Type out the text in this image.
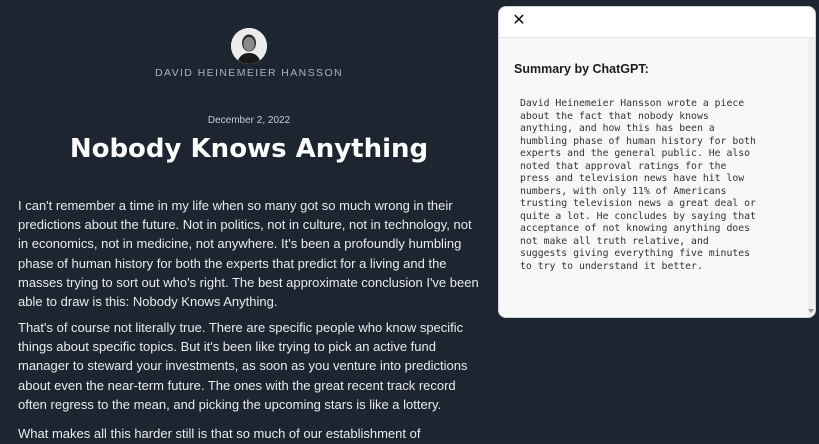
DAVID HEINEMEIER HANSSON
December 2, 2022
Nobody Knows Anything

I can't remember a time in my life when so many got so much wrong in their predictions about the future. Not in politics, not in culture, not in technology, not in economics, not in medicine, not anywhere. It's been a profoundly humbling phase of human history for both the experts that predict for a living and the masses trying to sort out who's right. The best approximate conclusion I've been able to draw is this: Nobody Knows Anything.

That's of course not literally true. There are specific people who know specific things about specific topics. But it's been like trying to pick an active fund manager to steward your investments, as soon as you venture into predictions about even the near-term future. The ones with the great recent track record often regress to the mean, and picking the upcoming stars is like a lottery.

What makes all this harder still is that so much of our establishment of

✕
Summary by ChatGPT:
David Heinemeier Hansson wrote a piece
about the fact that nobody knows
anything, and how this has been a
humbling phase of human history for both
experts and the general public. He also
noted that approval ratings for the
press and television news have hit low
numbers, with only 11% of Americans
trusting television news a great deal or
quite a lot. He concludes by saying that
acceptance of not knowing anything does
not make all truth relative, and
suggests giving everything five minutes
to try to understand it better.
